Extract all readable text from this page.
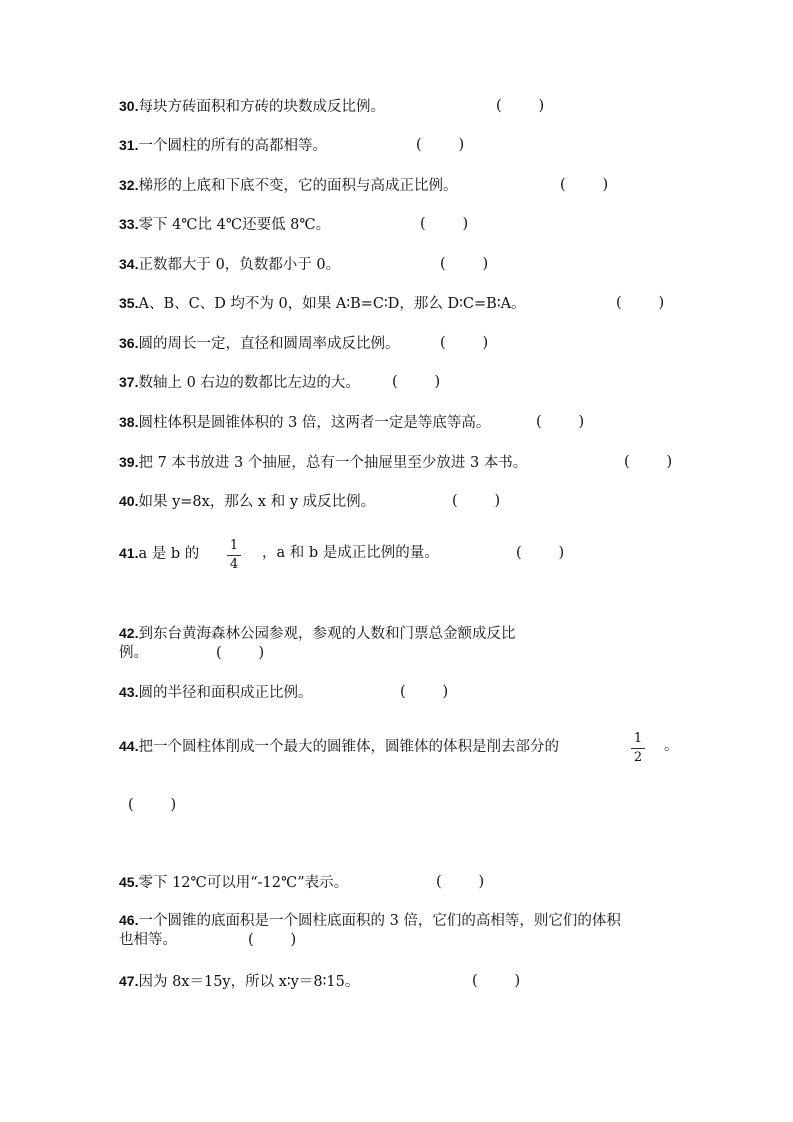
30.每块方砖面积和方砖的块数成反比例。	(        )
31.一个圆柱的所有的高都相等。	(        )
32.梯形的上底和下底不变，它的面积与高成正比例。	(        )
33.零下 4℃比 4℃还要低 8℃。	(        )
34.正数都大于 0，负数都小于 0。	(        )
35.A、B、C、D 均不为 0，如果 A∶B=C∶D，那么 D∶C=B∶A。	(        )
36.圆的周长一定，直径和圆周率成反比例。	(        )
37.数轴上 0 右边的数都比左边的大。 (        )
38.圆柱体积是圆锥体积的 3 倍，这两者一定是等底等高。	(        )
39.把 7 本书放进 3 个抽屉，总有一个抽屉里至少放进 3 本书。	(        )
40.如果 y=8x，那么 x 和 y 成反比例。	(        )
41.a 是 b 的
1
4
，a 和 b 是成正比例的量。	(        )
42.到东台黄海森林公园参观，参观的人数和门票总金额成反比
例。	(        )
43.圆的半径和面积成正比例。	(        )
44.把一个圆柱体削成一个最大的圆锥体，圆锥体的体积是削去部分的
1
2
。
(        )
45.零下 12℃可以用“-12℃”表示。	(        )
46.一个圆锥的底面积是一个圆柱底面积的 3 倍，它们的高相等，则它们的体积
也相等。	(        )
47.因为 8x＝15y，所以 x∶y＝8∶15。	(        )
